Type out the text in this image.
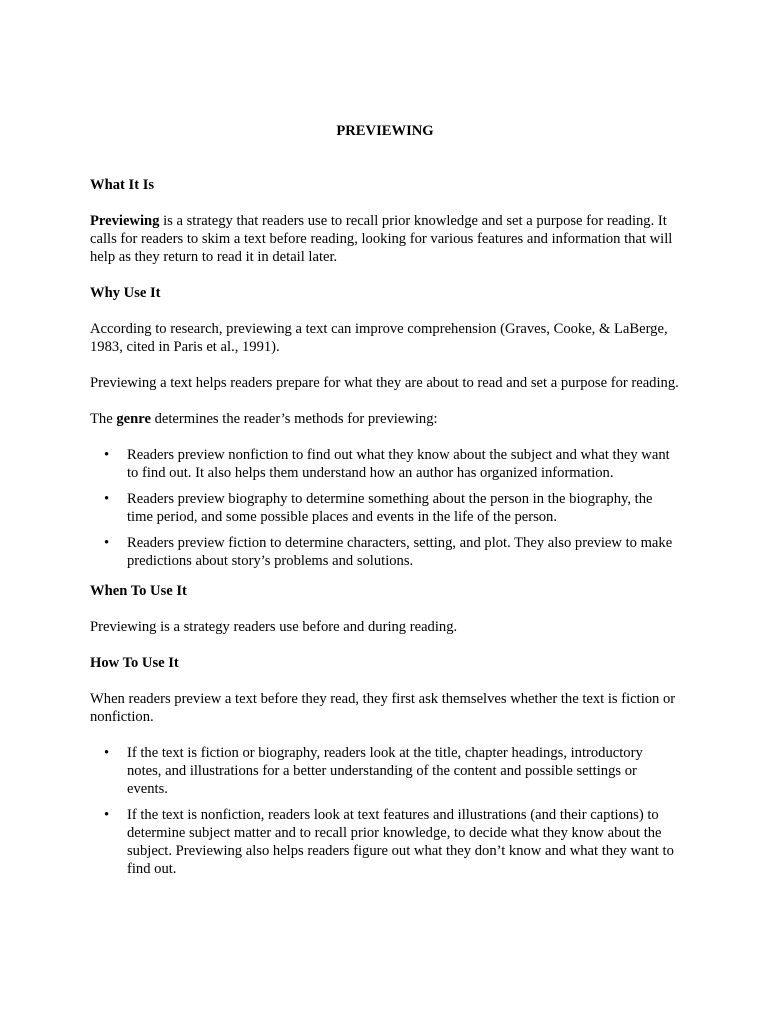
PREVIEWING
What It Is
Previewing is a strategy that readers use to recall prior knowledge and set a purpose for reading. It calls for readers to skim a text before reading, looking for various features and information that will help as they return to read it in detail later.
Why Use It
According to research, previewing a text can improve comprehension (Graves, Cooke, & LaBerge, 1983, cited in Paris et al., 1991).
Previewing a text helps readers prepare for what they are about to read and set a purpose for reading.
The genre determines the reader’s methods for previewing:
• Readers preview nonfiction to find out what they know about the subject and what they want to find out. It also helps them understand how an author has organized information.
• Readers preview biography to determine something about the person in the biography, the time period, and some possible places and events in the life of the person.
• Readers preview fiction to determine characters, setting, and plot. They also preview to make predictions about story’s problems and solutions.
When To Use It
Previewing is a strategy readers use before and during reading.
How To Use It
When readers preview a text before they read, they first ask themselves whether the text is fiction or nonfiction.
• If the text is fiction or biography, readers look at the title, chapter headings, introductory notes, and illustrations for a better understanding of the content and possible settings or events.
• If the text is nonfiction, readers look at text features and illustrations (and their captions) to determine subject matter and to recall prior knowledge, to decide what they know about the subject. Previewing also helps readers figure out what they don’t know and what they want to find out.
